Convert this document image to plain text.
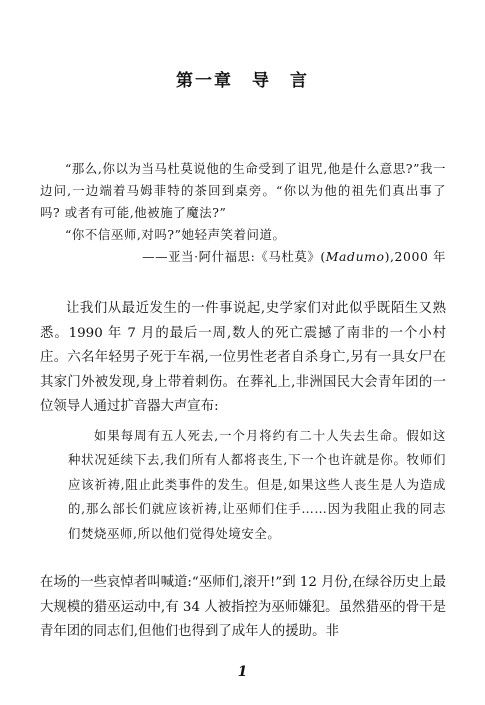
第一章　导　言

“那么,你以为当马杜莫说他的生命受到了诅咒,他是什么意思?”我一边问,一边端着马姆菲特的茶回到桌旁。“你以为他的祖先们真出事了吗? 或者有可能,他被施了魔法?”

“你不信巫师,对吗?”她轻声笑着问道。

——亚当·阿什福思:《马杜莫》(Madumo),2000 年

让我们从最近发生的一件事说起,史学家们对此似乎既陌生又熟悉。1990 年 7 月的最后一周,数人的死亡震撼了南非的一个小村庄。六名年轻男子死于车祸,一位男性老者自杀身亡,另有一具女尸在其家门外被发现,身上带着刺伤。在葬礼上,非洲国民大会青年团的一位领导人通过扩音器大声宣布:

如果每周有五人死去,一个月将约有二十人失去生命。假如这种状况延续下去,我们所有人都将丧生,下一个也许就是你。牧师们应该祈祷,阻止此类事件的发生。但是,如果这些人丧生是人为造成的,那么部长们就应该祈祷,让巫师们住手……因为我阻止我的同志们焚烧巫师,所以他们觉得处境安全。

在场的一些哀悼者叫喊道:“巫师们,滚开!”到 12 月份,在绿谷历史上最大规模的猎巫运动中,有 34 人被指控为巫师嫌犯。虽然猎巫的骨干是青年团的同志们,但他们也得到了成年人的援助。非

1
